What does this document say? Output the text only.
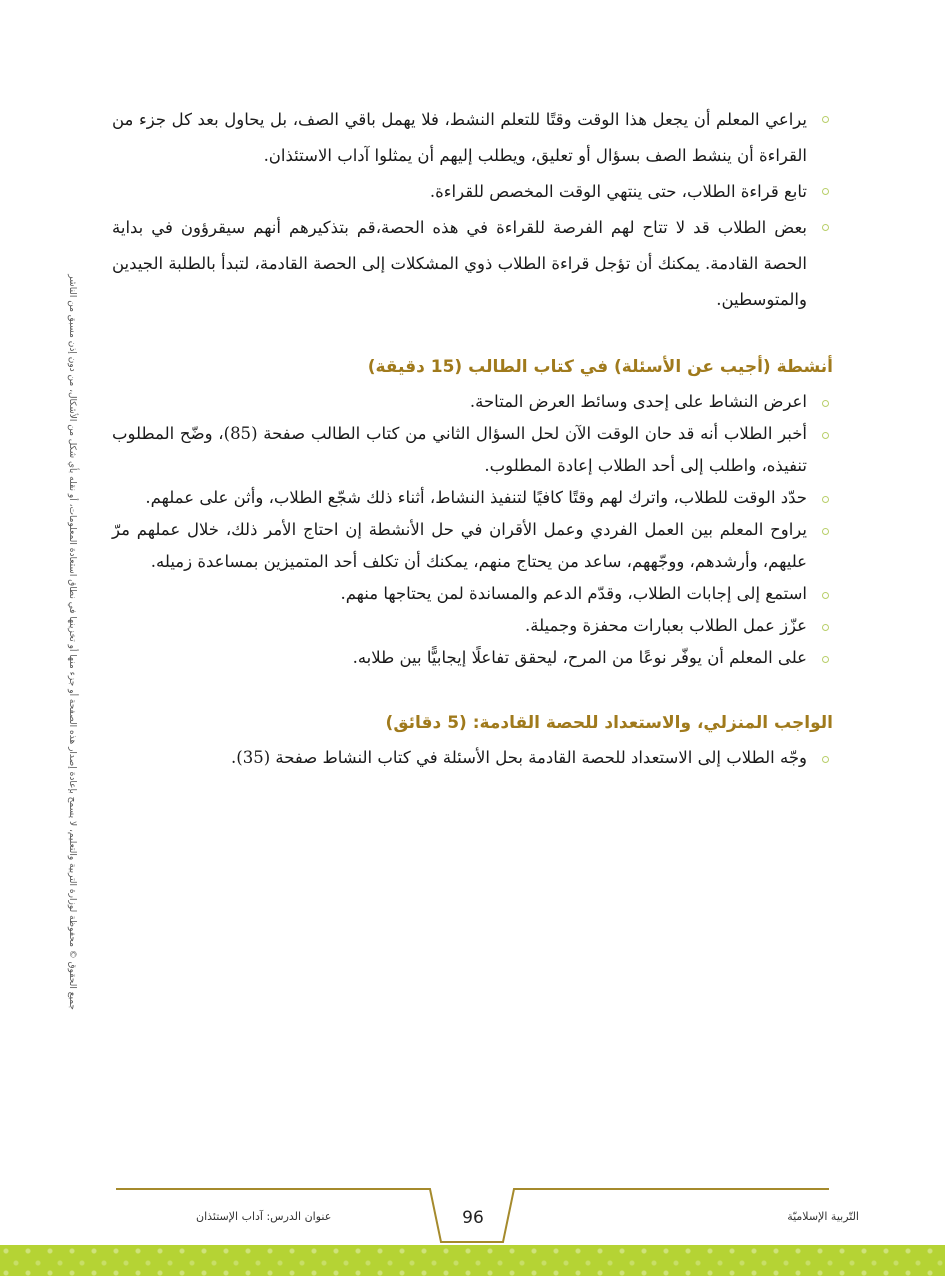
جميع الحقوق © محفوظة لوزارة التربية والتعليم، لا يسمح بإعادة إصدار هذه الصفحة أو جزء منها أو تخزينها في نطاق استعادة المعلومات، أو نقله بأي شكل من الأشكال، من دون إذن مسبق من الناشر
يراعي المعلم أن يجعل هذا الوقت وقتًا للتعلم النشط، فلا يهمل باقي الصف، بل يحاول بعد كل جزء من القراءة أن ينشط الصف بسؤال أو تعليق، ويطلب إليهم أن يمثلوا آداب الاستئذان.
تابع قراءة الطلاب، حتى ينتهي الوقت المخصص للقراءة.
بعض الطلاب قد لا تتاح لهم الفرصة للقراءة في هذه الحصة،قم بتذكيرهم أنهم سيقرؤون في بداية الحصة القادمة. يمكنك أن تؤجل قراءة الطلاب ذوي المشكلات إلى الحصة القادمة، لتبدأ بالطلبة الجيدين والمتوسطين.
أنشطة (أجيب عن الأسئلة) في كتاب الطالب (15 دقيقة)
اعرض النشاط على إحدى وسائط العرض المتاحة.
أخبر الطلاب أنه قد حان الوقت الآن لحل السؤال الثاني من كتاب الطالب صفحة (85)، وضّح المطلوب تنفيذه، واطلب إلى أحد الطلاب إعادة المطلوب.
حدّد الوقت للطلاب، واترك لهم وقتًا كافيًا لتنفيذ النشاط، أثناء ذلك شجّع الطلاب، وأثن على عملهم.
يراوح المعلم بين العمل الفردي وعمل الأقران في حل الأنشطة إن احتاج الأمر ذلك، خلال عملهم مرّ عليهم، وأرشدهم، ووجّههم، ساعد من يحتاج منهم، يمكنك أن تكلف أحد المتميزين بمساعدة زميله.
استمع إلى إجابات الطلاب، وقدّم الدعم والمساندة لمن يحتاجها منهم.
عزّز عمل الطلاب بعبارات محفزة وجميلة.
على المعلم أن يوفّر نوعًا من المرح، ليحقق تفاعلًا إيجابيًّا بين طلابه.
الواجب المنزلي، والاستعداد للحصة القادمة: (5 دقائق)
وجّه الطلاب إلى الاستعداد للحصة القادمة بحل الأسئلة في كتاب النشاط صفحة (35).
عنوان الدرس: آداب الإستئذان	96	التّربية الإسلاميّة
